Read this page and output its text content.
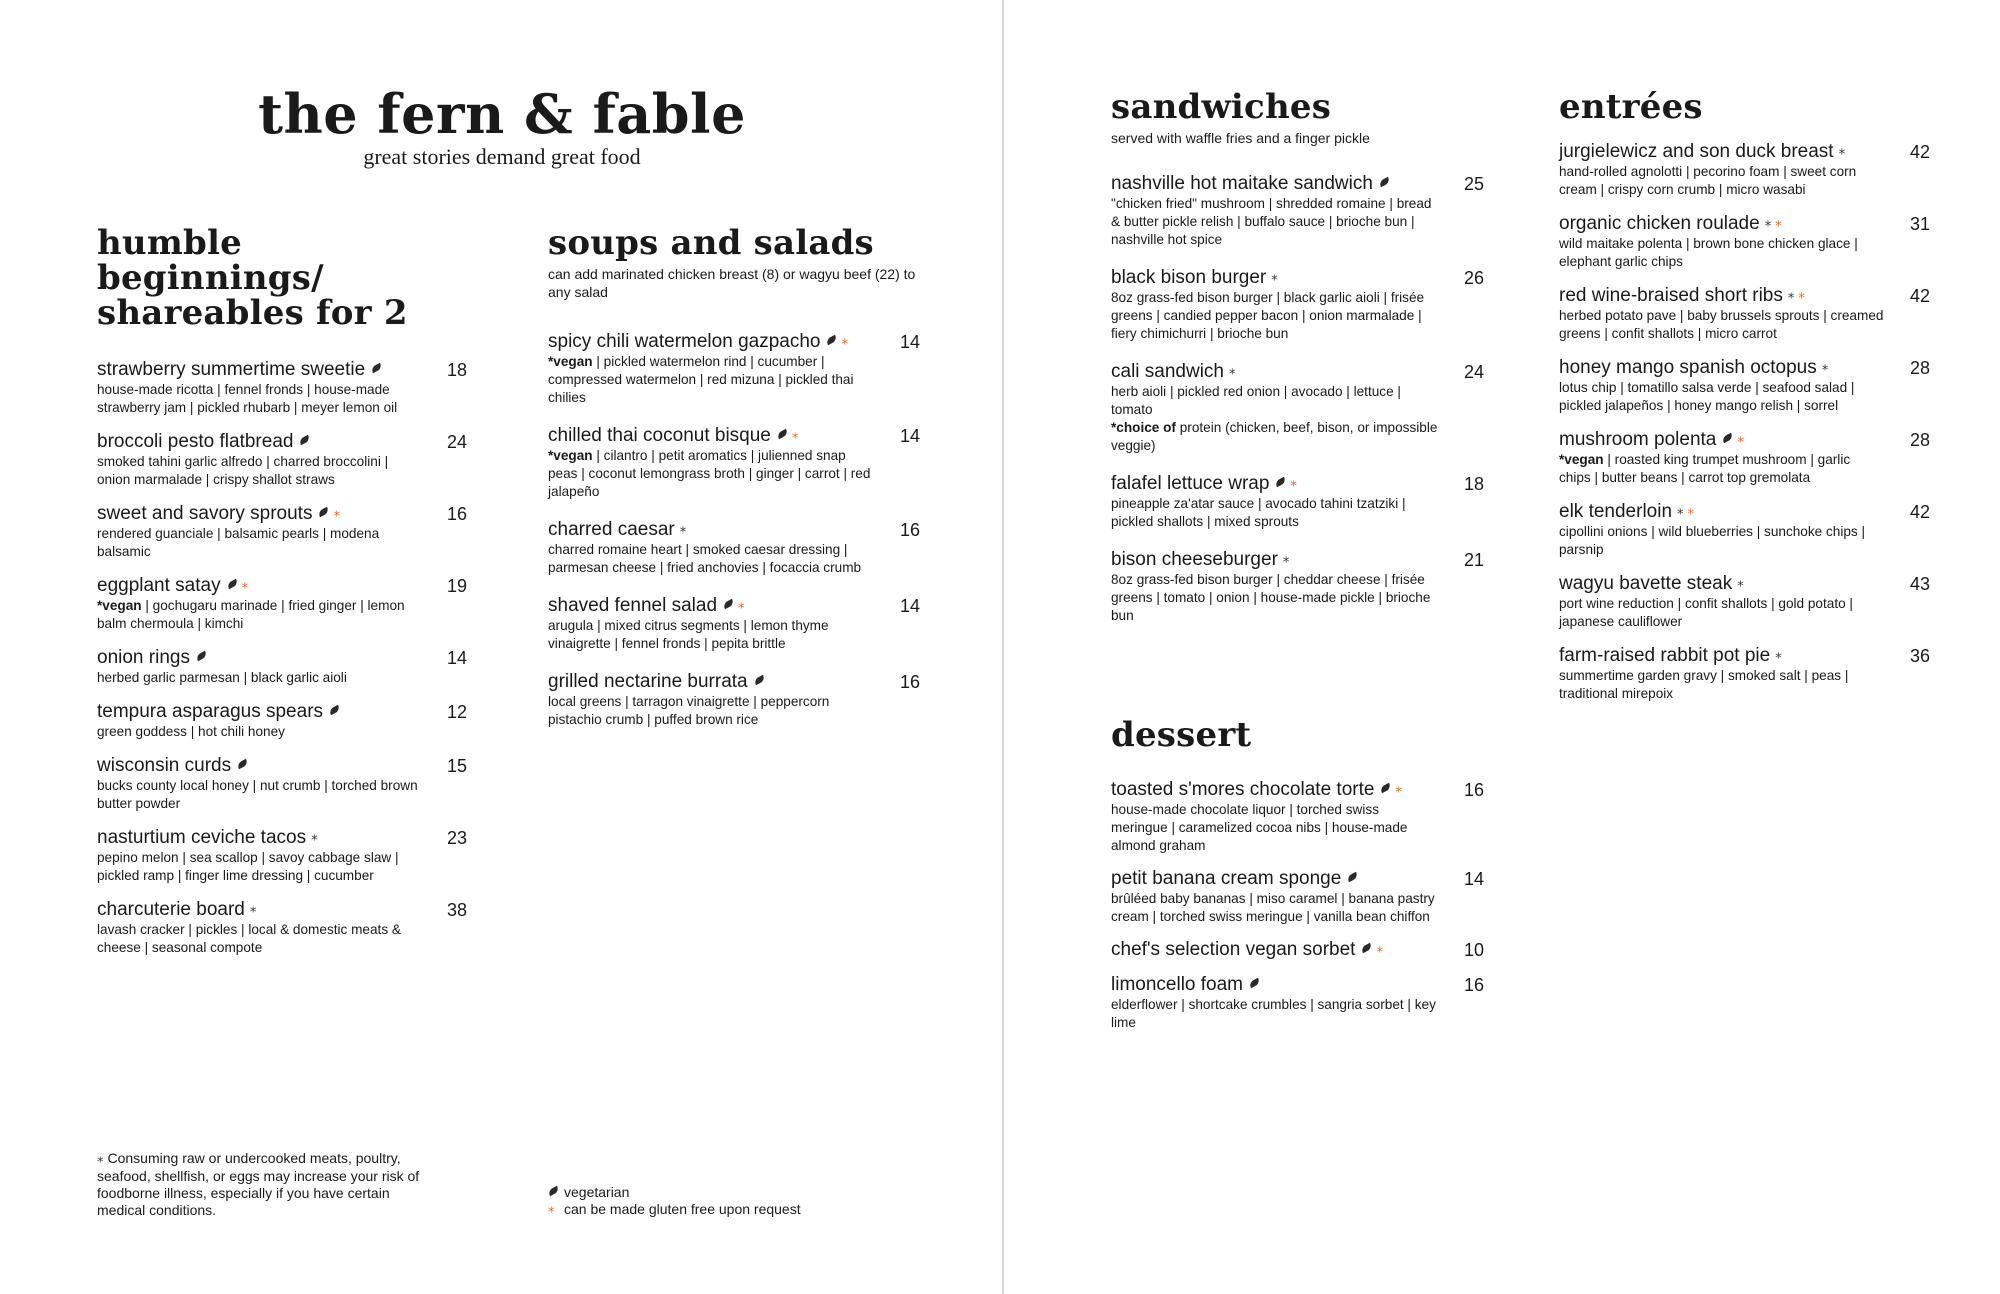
the fern & fable
great stories demand great food
humble beginnings/
shareables for 2
strawberry summertime sweetie	18
house-made ricotta | fennel fronds | house-made strawberry jam | pickled rhubarb | meyer lemon oil
broccoli pesto flatbread	24
smoked tahini garlic alfredo | charred broccolini | onion marmalade | crispy shallot straws
sweet and savory sprouts ⁎	16
rendered guanciale | balsamic pearls | modena balsamic
eggplant satay ⁎	19
*vegan | gochugaru marinade | fried ginger | lemon balm chermoula | kimchi
onion rings	14
herbed garlic parmesan | black garlic aioli
tempura asparagus spears	12
green goddess | hot chili honey
wisconsin curds	15
bucks county local honey | nut crumb | torched brown butter powder
nasturtium ceviche tacos ⁎	23
pepino melon | sea scallop | savoy cabbage slaw | pickled ramp | finger lime dressing | cucumber
charcuterie board ⁎	38
lavash cracker | pickles | local & domestic meats & cheese | seasonal compote
soups and salads
can add marinated chicken breast (8) or wagyu beef (22) to any salad
spicy chili watermelon gazpacho ⁎	14
*vegan | pickled watermelon rind | cucumber | compressed watermelon | red mizuna | pickled thai chilies
chilled thai coconut bisque ⁎	14
*vegan | cilantro | petit aromatics | julienned snap peas | coconut lemongrass broth | ginger | carrot | red jalapeño
charred caesar ⁎	16
charred romaine heart | smoked caesar dressing | parmesan cheese | fried anchovies | focaccia crumb
shaved fennel salad ⁎	14
arugula | mixed citrus segments | lemon thyme vinaigrette | fennel fronds | pepita brittle
grilled nectarine burrata	16
local greens | tarragon vinaigrette | peppercorn pistachio crumb | puffed brown rice
⁎ Consuming raw or undercooked meats, poultry, seafood, shellfish, or eggs may increase your risk of foodborne illness, especially if you have certain medical conditions.
vegetarian
⁎ can be made gluten free upon request
sandwiches
served with waffle fries and a finger pickle
nashville hot maitake sandwich	25
"chicken fried" mushroom | shredded romaine | bread & butter pickle relish | buffalo sauce | brioche bun | nashville hot spice
black bison burger ⁎	26
8oz grass-fed bison burger | black garlic aioli | frisée greens | candied pepper bacon | onion marmalade | fiery chimichurri | brioche bun
cali sandwich ⁎	24
herb aioli | pickled red onion | avocado | lettuce | tomato
*choice of protein (chicken, beef, bison, or impossible veggie)
falafel lettuce wrap ⁎	18
pineapple za'atar sauce | avocado tahini tzatziki | pickled shallots | mixed sprouts
bison cheeseburger ⁎	21
8oz grass-fed bison burger | cheddar cheese | frisée greens | tomato | onion | house-made pickle | brioche bun
dessert
toasted s'mores chocolate torte ⁎	16
house-made chocolate liquor | torched swiss meringue | caramelized cocoa nibs | house-made almond graham
petit banana cream sponge	14
brûléed baby bananas | miso caramel | banana pastry cream | torched swiss meringue | vanilla bean chiffon
chef's selection vegan sorbet ⁎	10
limoncello foam	16
elderflower | shortcake crumbles | sangria sorbet | key lime
entrées
jurgielewicz and son duck breast ⁎	42
hand-rolled agnolotti | pecorino foam | sweet corn cream | crispy corn crumb | micro wasabi
organic chicken roulade ⁎ ⁎	31
wild maitake polenta | brown bone chicken glace | elephant garlic chips
red wine-braised short ribs ⁎ ⁎	42
herbed potato pave | baby brussels sprouts | creamed greens | confit shallots | micro carrot
honey mango spanish octopus ⁎	28
lotus chip | tomatillo salsa verde | seafood salad | pickled jalapeños | honey mango relish | sorrel
mushroom polenta ⁎	28
*vegan | roasted king trumpet mushroom | garlic chips | butter beans | carrot top gremolata
elk tenderloin ⁎ ⁎	42
cipollini onions | wild blueberries | sunchoke chips | parsnip
wagyu bavette steak ⁎	43
port wine reduction | confit shallots | gold potato | japanese cauliflower
farm-raised rabbit pot pie ⁎	36
summertime garden gravy | smoked salt | peas | traditional mirepoix
